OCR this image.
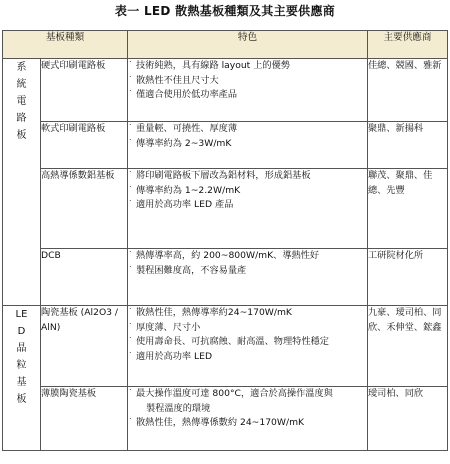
表一 LED 散熱基板種類及其主要供應商
基板種類		特色	主要供應商
系統電路板	硬式印刷電路板	˙ 技術純熟，具有線路 layout 上的優勢
˙ 散熱性不佳且尺寸大
˙ 僅適合使用於低功率產品	佳總、競國、雅新
	軟式印刷電路板	˙ 重量輕、可撓性、厚度薄
˙ 傳導率約為 2~3W/mK	聚鼎、新揚科
	高熱導係數鋁基板	˙ 將印刷電路板下層改為鋁材料，形成鋁基板
˙ 傳導率約為 1~2.2W/mK
˙ 適用於高功率 LED 產品	聯茂、聚鼎、佳總、先豐
	DCB	˙ 熱傳導率高，約 200~800W/mK、導熱性好
˙ 製程困難度高，不容易量產	工研院材化所
LED晶粒基板	陶瓷基板 (Al2O3 / AlN)	˙ 散熱性佳，熱傳導率約24~170W/mK
˙ 厚度薄、尺寸小
˙ 使用壽命長、可抗腐蝕、耐高溫、物理特性穩定
˙ 適用於高功率 LED	九豪、璦司柏、同欣、禾伸堂、鋐鑫
	薄膜陶瓷基板	˙ 最大操作溫度可達 800°C，適合於高操作溫度與
製程溫度的環境
˙ 散熱性佳，熱傳導係數約 24~170W/mK	璦司柏、同欣
